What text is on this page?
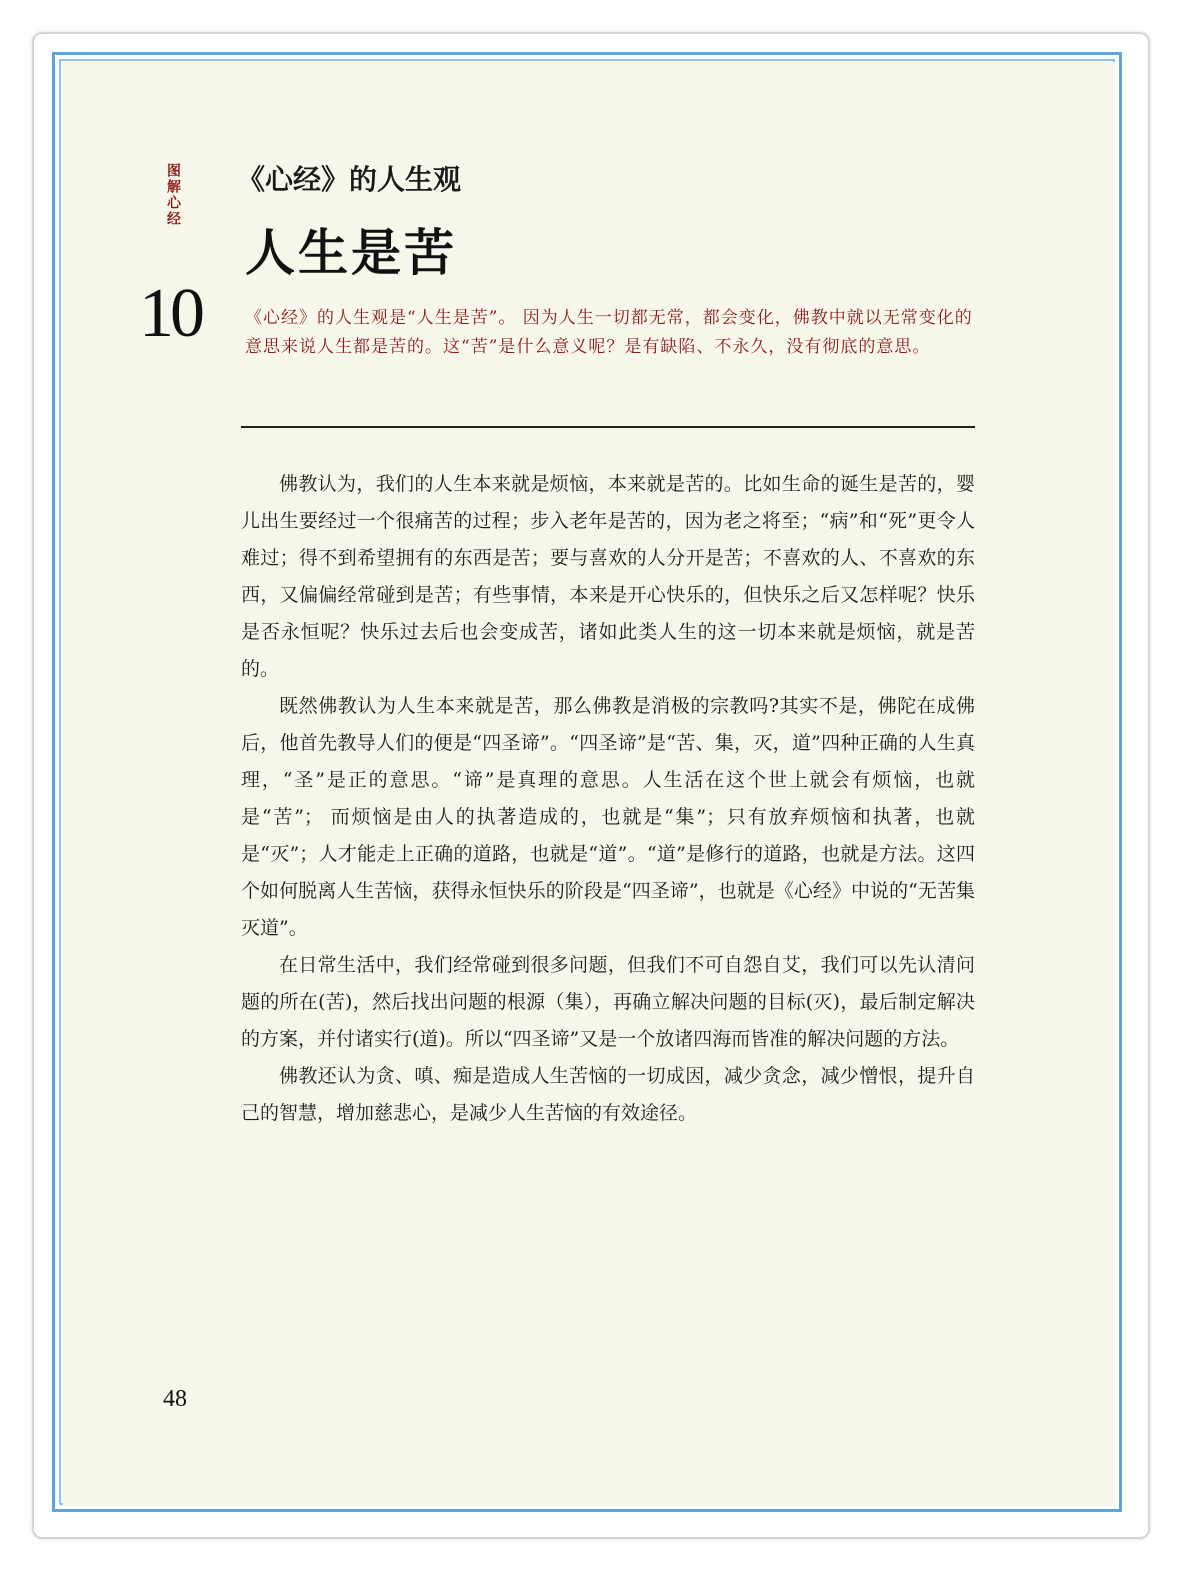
图解心经
10
《心经》的人生观
人生是苦
《心经》的人生观是“人生是苦”。 因为人生一切都无常，都会变化，佛教中就以无常变化的意思来说人生都是苦的。这“苦”是什么意义呢？是有缺陷、不永久，没有彻底的意思。

佛教认为，我们的人生本来就是烦恼，本来就是苦的。比如生命的诞生是苦的，婴儿出生要经过一个很痛苦的过程；步入老年是苦的，因为老之将至；“病”和“死”更令人难过；得不到希望拥有的东西是苦；要与喜欢的人分开是苦；不喜欢的人、不喜欢的东西，又偏偏经常碰到是苦；有些事情，本来是开心快乐的，但快乐之后又怎样呢？快乐是否永恒呢？快乐过去后也会变成苦，诸如此类人生的这一切本来就是烦恼，就是苦的。

既然佛教认为人生本来就是苦，那么佛教是消极的宗教吗?其实不是，佛陀在成佛后，他首先教导人们的便是“四圣谛”。“四圣谛”是“苦、集，灭，道”四种正确的人生真理，“圣”是正的意思。“谛”是真理的意思。人生活在这个世上就会有烦恼，也就是“苦”； 而烦恼是由人的执著造成的，也就是“集”；只有放弃烦恼和执著，也就是“灭”；人才能走上正确的道路，也就是“道”。“道”是修行的道路，也就是方法。这四个如何脱离人生苦恼，获得永恒快乐的阶段是“四圣谛”，也就是《心经》中说的“无苦集灭道”。

在日常生活中，我们经常碰到很多问题，但我们不可自怨自艾，我们可以先认清问题的所在(苦)，然后找出问题的根源（集），再确立解决问题的目标(灭)，最后制定解决的方案，并付诸实行(道)。所以“四圣谛”又是一个放诸四海而皆准的解决问题的方法。

佛教还认为贪、嗔、痴是造成人生苦恼的一切成因，减少贪念，减少憎恨，提升自己的智慧，增加慈悲心，是减少人生苦恼的有效途径。

48
